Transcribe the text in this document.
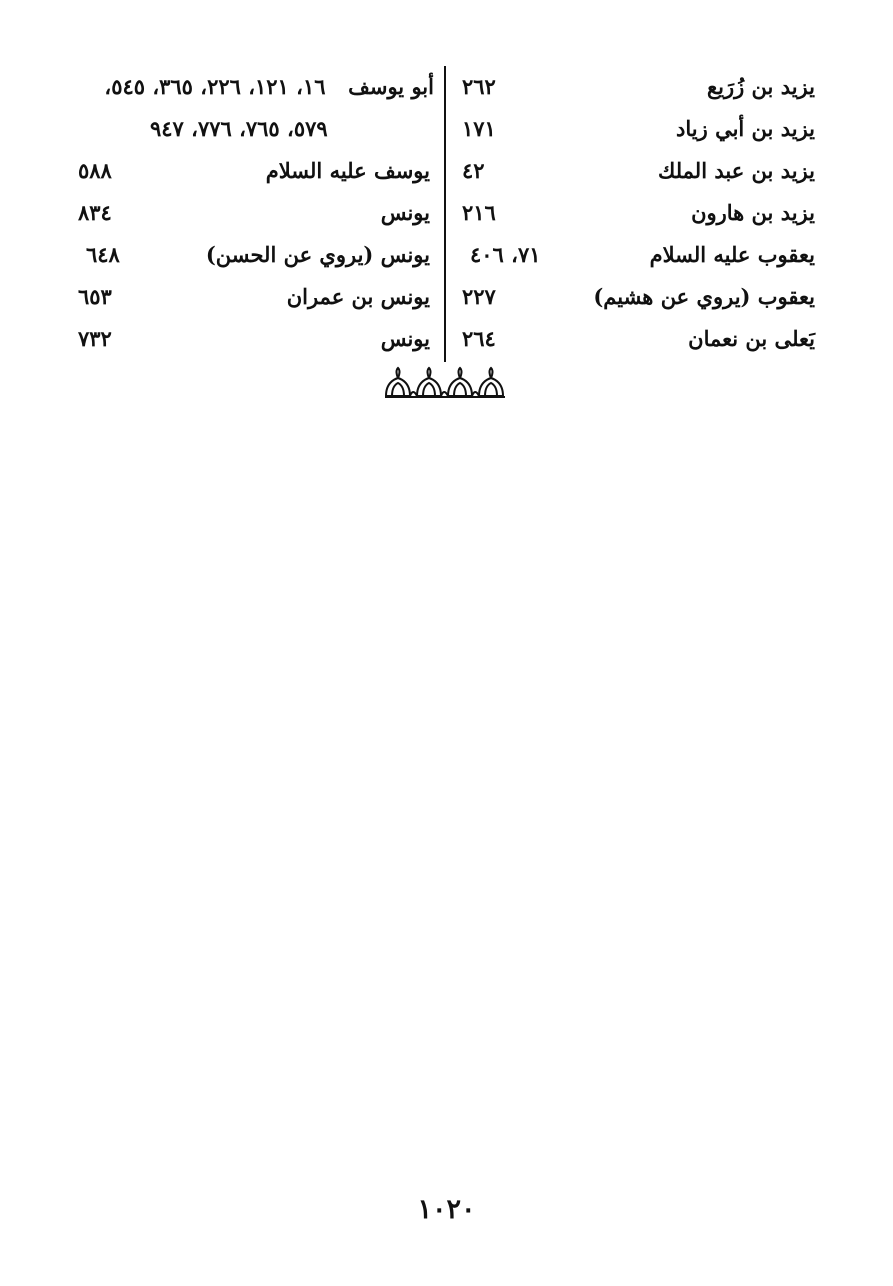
يزيد بن زُرَيع
٢٦٢
يزيد بن أبي زياد
١٧١
يزيد بن عبد الملك
٤٢
يزيد بن هارون
٢١٦
يعقوب عليه السلام
٧١، ٤٠٦
يعقوب (يروي عن هشيم)
٢٢٧
يَعلى بن نعمان
٢٦٤
أبو يوسف  ١٦، ١٢١، ٢٢٦، ٣٦٥، ٥٤٥،
٥٧٩، ٧٦٥، ٧٧٦، ٩٤٧
يوسف عليه السلام
٥٨٨
يونس
٨٣٤
يونس (يروي عن الحسن)
٦٤٨
يونس بن عمران
٦٥٣
يونس
٧٣٢
١٠٢٠
